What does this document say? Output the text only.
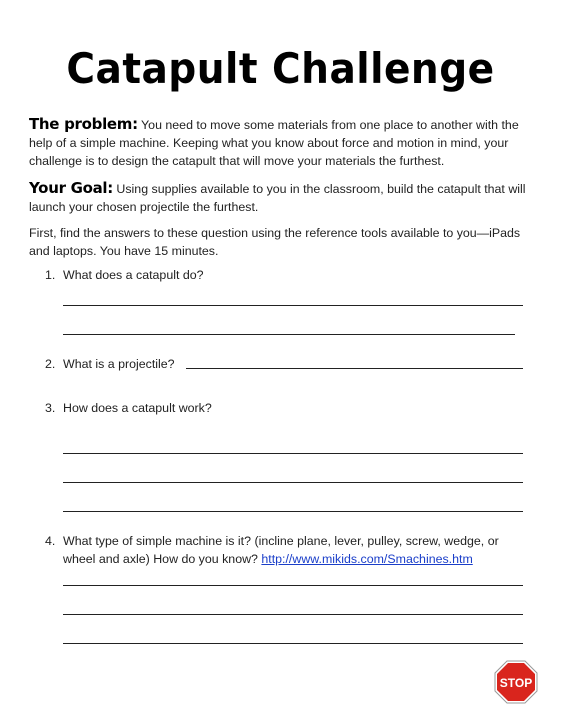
Catapult Challenge
The problem: You need to move some materials from one place to another with the help of a simple machine. Keeping what you know about force and motion in mind, your challenge is to design the catapult that will move your materials the furthest.
Your Goal: Using supplies available to you in the classroom, build the catapult that will launch your chosen projectile the furthest.
First, find the answers to these question using the reference tools available to you—iPads and laptops. You have 15 minutes.
1. What does a catapult do?
2. What is a projectile?
3. How does a catapult work?
4. What type of simple machine is it? (incline plane, lever, pulley, screw, wedge, or wheel and axle) How do you know? http://www.mikids.com/Smachines.htm
STOP
